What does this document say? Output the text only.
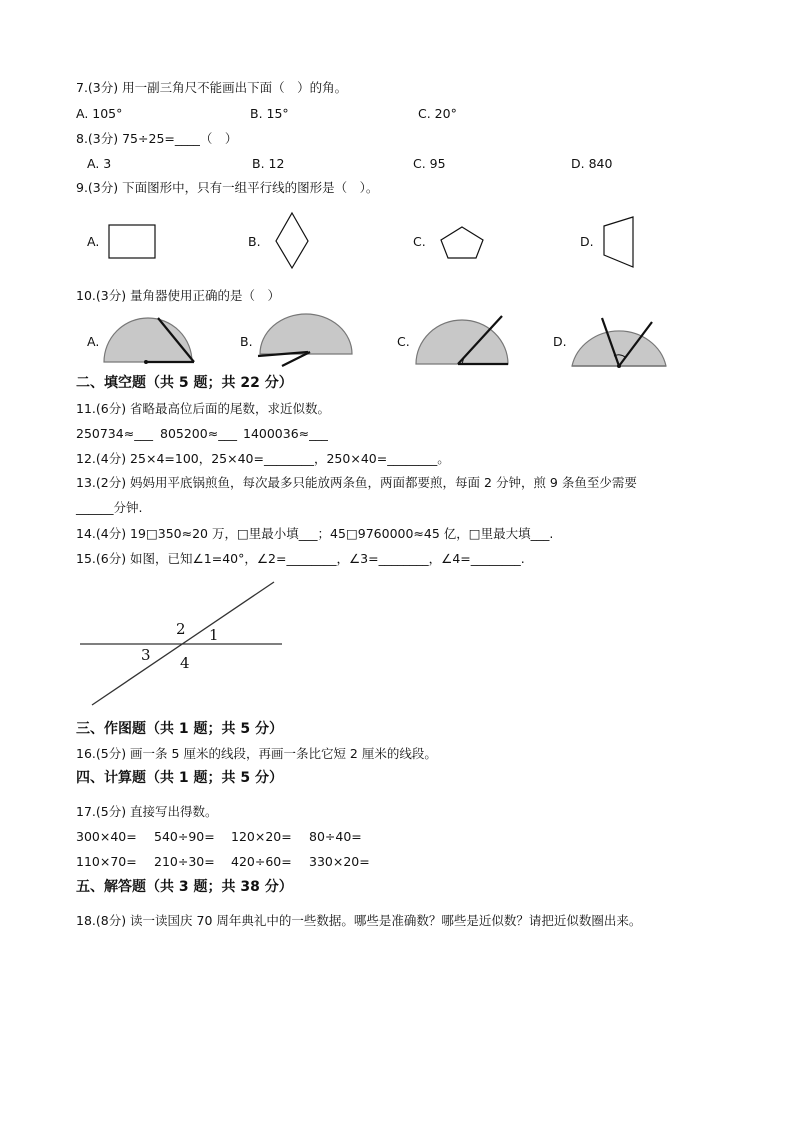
7.(3分) 用一副三角尺不能画出下面（　）的角。
A. 105°	B. 15°	C. 20°
8.(3分) 75÷25=____（　）
A. 3	B. 12	C. 95	D. 840
9.(3分) 下面图形中，只有一组平行线的图形是（　）。
A.	B.	C.	D.
10.(3分) 量角器使用正确的是（　）
A.	B.	C.	D.
二、填空题（共 5 题；共 22 分）
11.(6分) 省略最高位后面的尾数，求近似数。
250734≈___ 805200≈___ 1400036≈___
12.(4分) 25×4=100，25×40=________，250×40=________。
13.(2分) 妈妈用平底锅煎鱼，每次最多只能放两条鱼，两面都要煎，每面 2 分钟，煎 9 条鱼至少需要
______分钟.
14.(4分) 19□350≈20 万，□里最小填___；45□9760000≈45 亿，□里最大填___.
15.(6分) 如图，已知∠1=40°，∠2=________，∠3=________，∠4=________.
1
2
3 4
三、作图题（共 1 题；共 5 分）
16.(5分) 画一条 5 厘米的线段，再画一条比它短 2 厘米的线段。
四、计算题（共 1 题；共 5 分）
17.(5分) 直接写出得数。
300×40= 540÷90= 120×20= 80÷40=
110×70= 210÷30= 420÷60= 330×20=
五、解答题（共 3 题；共 38 分）
18.(8分) 读一读国庆 70 周年典礼中的一些数据。哪些是准确数？哪些是近似数？请把近似数圈出来。
